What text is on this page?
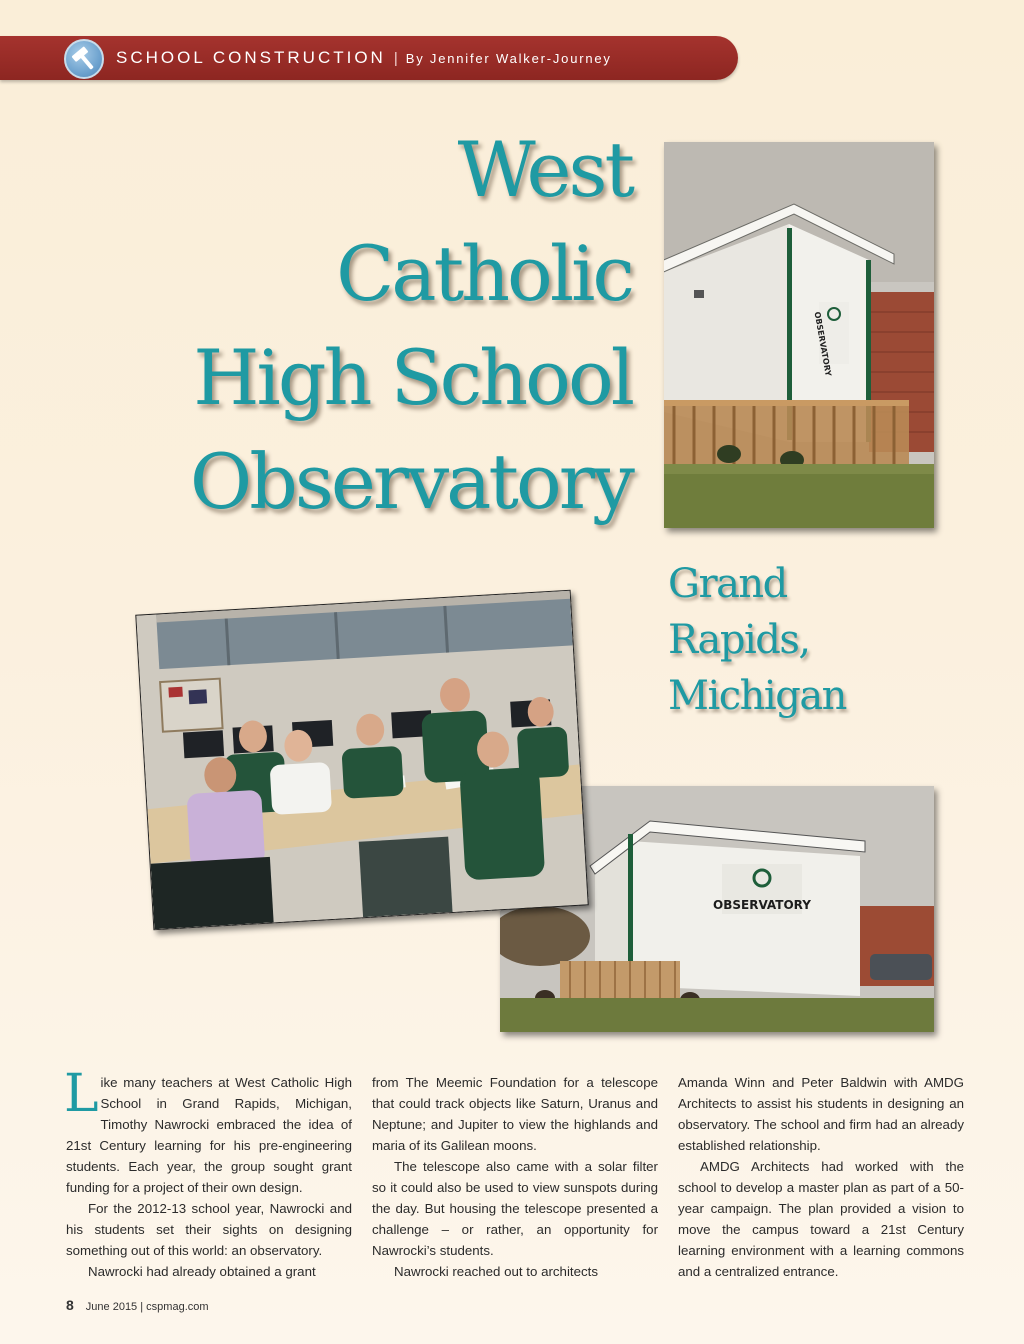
SCHOOL CONSTRUCTION | By Jennifer Walker-Journey
West
Catholic
High School
Observatory
Grand
Rapids,
Michigan
OBSERVATORY
OBSERVATORY

Like many teachers at West Catholic High School in Grand Rapids, Michigan, Timothy Nawrocki embraced the idea of 21st Century learning for his pre-engineering students. Each year, the group sought grant funding for a project of their own design.

For the 2012-13 school year, Nawrocki and his students set their sights on designing something out of this world: an observatory.

Nawrocki had already obtained a grant

from The Meemic Foundation for a telescope that could track objects like Saturn, Uranus and Neptune; and Jupiter to view the highlands and maria of its Galilean moons.

The telescope also came with a solar filter so it could also be used to view sunspots during the day. But housing the telescope presented a challenge – or rather, an opportunity for Nawrocki’s students.

Nawrocki reached out to architects

Amanda Winn and Peter Baldwin with AMDG Architects to assist his students in designing an observatory. The school and firm had an already established relationship.

AMDG Architects had worked with the school to develop a master plan as part of a 50-year campaign. The plan provided a vision to move the campus toward a 21st Century learning environment with a learning commons and a centralized entrance.

8 June 2015 | cspmag.com
